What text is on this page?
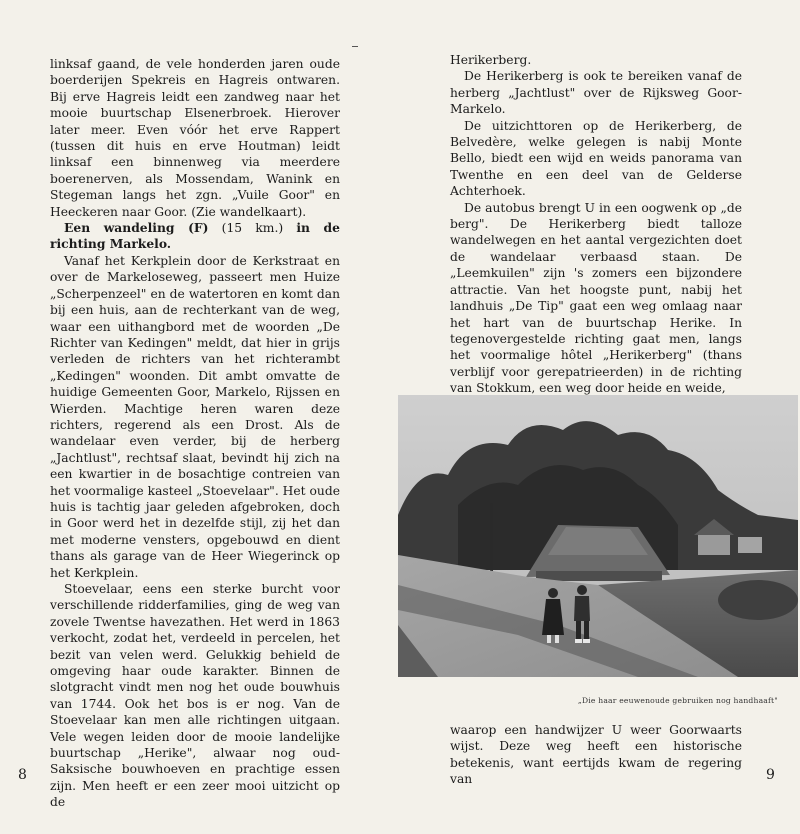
linksaf gaand, de vele honderden jaren oude boerderijen Spekreis en Hagreis ontwaren. Bij erve Hagreis leidt een zandweg naar het mooie buurtschap Elsenerbroek. Hierover later meer. Even vóór het erve Rappert (tussen dit huis en erve Houtman) leidt linksaf een binnenweg via meerdere boerenerven, als Mossendam, Wanink en Stegeman langs het zgn. „Vuile Goor" en Heeckeren naar Goor. (Zie wandelkaart).

Een wandeling (F) (15 km.) in de richting Markelo.

Vanaf het Kerkplein door de Kerkstraat en over de Markeloseweg, passeert men Huize „Scherpenzeel" en de watertoren en komt dan bij een huis, aan de rechterkant van de weg, waar een uithangbord met de woorden „De Richter van Kedingen" meldt, dat hier in grijs verleden de richters van het richterambt „Kedingen" woonden. Dit ambt omvatte de huidige Gemeenten Goor, Markelo, Rijssen en Wierden. Machtige heren waren deze richters, regerend als een Drost. Als de wandelaar even verder, bij de herberg „Jachtlust", rechtsaf slaat, bevindt hij zich na een kwartier in de bosachtige contreien van het voormalige kasteel „Stoevelaar". Het oude huis is tachtig jaar geleden afgebroken, doch in Goor werd het in dezelfde stijl, zij het dan met moderne vensters, opgebouwd en dient thans als garage van de Heer Wiegerinck op het Kerkplein.

Stoevelaar, eens een sterke burcht voor verschillende ridderfamilies, ging de weg van zovele Twentse havezathen. Het werd in 1863 verkocht, zodat het, verdeeld in percelen, het bezit van velen werd. Gelukkig behield de omgeving haar oude karakter. Binnen de slotgracht vindt men nog het oude bouwhuis van 1744. Ook het bos is er nog. Van de Stoevelaar kan men alle richtingen uitgaan. Vele wegen leiden door de mooie landelijke buurtschap „Herike", alwaar nog oud-Saksische bouwhoeven en prachtige essen zijn. Men heeft er een zeer mooi uitzicht op de

Herikerberg.

De Herikerberg is ook te bereiken vanaf de herberg „Jachtlust" over de Rijksweg Goor-Markelo.

De uitzichttoren op de Herikerberg, de Belvedère, welke gelegen is nabij Monte Bello, biedt een wijd en weids panorama van Twenthe en een deel van de Gelderse Achterhoek.

De autobus brengt U in een oogwenk op „de berg". De Herikerberg biedt talloze wandelwegen en het aantal vergezichten doet de wandelaar verbaasd staan. De „Leemkuilen" zijn 's zomers een bijzondere attractie. Van het hoogste punt, nabij het landhuis „De Tip" gaat een weg omlaag naar het hart van de buurtschap Herike. In tegenovergestelde richting gaat men, langs het voormalige hôtel „Herikerberg" (thans verblijf voor gerepatrieerden) in de richting van Stokkum, een weg door heide en weide,

„Die haar eeuwenoude gebruiken nog handhaaft"

waarop een handwijzer U weer Goorwaarts wijst. Deze weg heeft een historische betekenis, want eertijds kwam de regering van

8	9
